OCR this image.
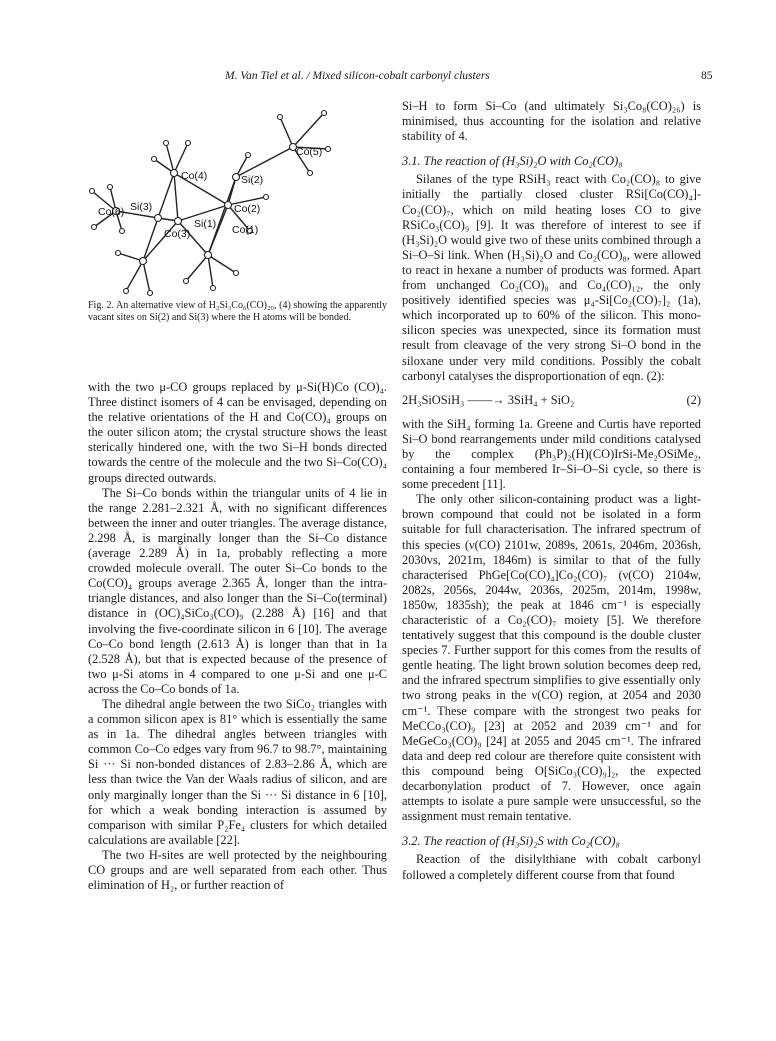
M. Van Tiel et al. / Mixed silicon-cobalt carbonyl clusters	85
Co(5)
Co(4)	Si(2)
Co(6) Si(3)	Co(2)
Si(1)
Co(3)	Co(1)
Fig. 2. An alternative view of H₂Si₃Co₆(CO)₂₀, (4) showing the apparently vacant sites on Si(2) and Si(3) where the H atoms will be bonded.

with the two μ-CO groups replaced by μ-Si(H)Co (CO)₄. Three distinct isomers of 4 can be envisaged, depending on the relative orientations of the H and Co(CO)₄ groups on the outer silicon atom; the crystal structure shows the least sterically hindered one, with the two Si–H bonds directed towards the centre of the molecule and the two Si–Co(CO)₄ groups directed outwards.

The Si–Co bonds within the triangular units of 4 lie in the range 2.281–2.321 Å, with no significant differences between the inner and outer triangles. The average distance, 2.298 Å, is marginally longer than the Si–Co distance (average 2.289 Å) in 1a, probably reflecting a more crowded molecule overall. The outer Si–Co bonds to the Co(CO)₄ groups average 2.365 Å, longer than the intra-triangle distances, and also longer than the Si–Co(terminal) distance in (OC)₄SiCo₃(CO)₉ (2.288 Å) [16] and that involving the five-coordinate silicon in 6 [10]. The average Co–Co bond length (2.613 Å) is longer than that in 1a (2.528 Å), but that is expected because of the presence of two μ-Si atoms in 4 compared to one μ-Si and one μ-C across the Co–Co bonds of 1a.

The dihedral angle between the two SiCo₂ triangles with a common silicon apex is 81° which is essentially the same as in 1a. The dihedral angles between triangles with common Co–Co edges vary from 96.7 to 98.7°, maintaining Si ··· Si non-bonded distances of 2.83–2.86 Å, which are less than twice the Van der Waals radius of silicon, and are only marginally longer than the Si ··· Si distance in 6 [10], for which a weak bonding interaction is assumed by comparison with similar P₂Fe₄ clusters for which detailed calculations are available [22].

The two H-sites are well protected by the neighbouring CO groups and are well separated from each other. Thus elimination of H₂, or further reaction of

Si–H to form Si–Co (and ultimately Si₃Co₈(CO)₂₆) is minimised, thus accounting for the isolation and relative stability of 4.

3.1. The reaction of (H₃Si)₂O with Co₂(CO)₈

Silanes of the type RSiH₃ react with Co₂(CO)₈ to give initially the partially closed cluster RSi[Co(CO)₄]-Co₂(CO)₇, which on mild heating loses CO to give RSiCo₃(CO)₉ [9]. It was therefore of interest to see if (H₃Si)₂O would give two of these units combined through a Si–O–Si link. When (H₃Si)₂O and Co₂(CO)₈, were allowed to react in hexane a number of products was formed. Apart from unchanged Co₂(CO)₈ and Co₄(CO)₁₂, the only positively identified species was μ₄-Si[Co₂(CO)₇]₂ (1a), which incorporated up to 60% of the silicon. This mono-silicon species was unexpected, since its formation must result from cleavage of the very strong Si–O bond in the siloxane under very mild conditions. Possibly the cobalt carbonyl catalyses the disproportionation of eqn. (2):

2H₃SiOSiH₃ ——→ 3SiH₄ + SiO₂	(2)

with the SiH₄ forming 1a. Greene and Curtis have reported Si–O bond rearrangements under mild conditions catalysed by the complex (Ph₃P)₂(H)(CO)IrSi-Me₂OSiMe₂, containing a four membered Ir–Si–O–Si cycle, so there is some precedent [11].

The only other silicon-containing product was a light-brown compound that could not be isolated in a form suitable for full characterisation. The infrared spectrum of this species (ν(CO) 2101w, 2089s, 2061s, 2046m, 2036sh, 2030vs, 2021m, 1846m) is similar to that of the fully characterised PhGe[Co(CO)₄]Co₂(CO)₇ (ν(CO) 2104w, 2082s, 2056s, 2044w, 2036s, 2025m, 2014m, 1998w, 1850w, 1835sh); the peak at 1846 cm⁻¹ is especially characteristic of a Co₂(CO)₇ moiety [5]. We therefore tentatively suggest that this compound is the double cluster species 7. Further support for this comes from the results of gentle heating. The light brown solution becomes deep red, and the infrared spectrum simplifies to give essentially only two strong peaks in the ν(CO) region, at 2054 and 2030 cm⁻¹. These compare with the strongest two peaks for MeCCo₃(CO)₉ [23] at 2052 and 2039 cm⁻¹ and for MeGeCo₃(CO)₉ [24] at 2055 and 2045 cm⁻¹. The infrared data and deep red colour are therefore quite consistent with this compound being O[SiCo₃(CO)₉]₂, the expected decarbonylation product of 7. However, once again attempts to isolate a pure sample were unsuccessful, so the assignment must remain tentative.

3.2. The reaction of (H₃Si)₂S with Co₂(CO)₈

Reaction of the disilylthiane with cobalt carbonyl followed a completely different course from that found
